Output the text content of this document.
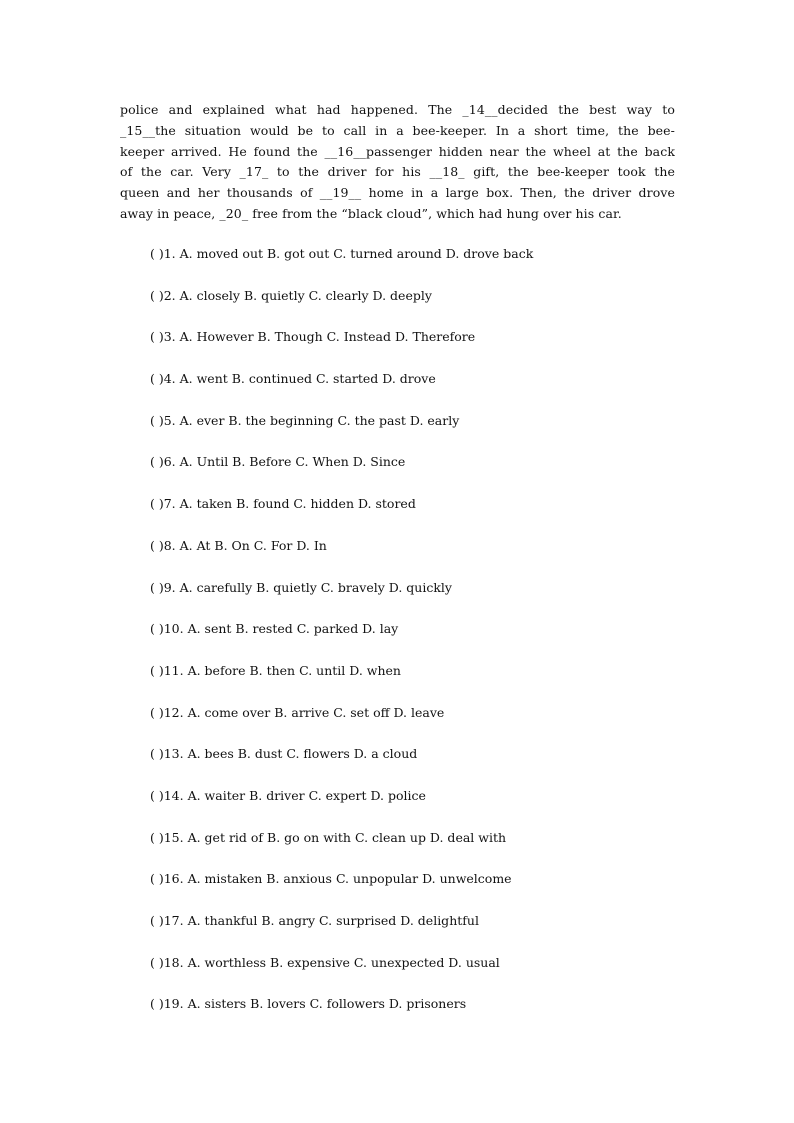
police and explained what had happened. The _14__decided the best way to
_15__the situation would be to call in a bee-keeper. In a short time, the bee-
keeper arrived. He found the __16__passenger hidden near the wheel at the back
of the car. Very _17_ to the driver for his __18_ gift, the bee-keeper took the
queen and her thousands of __19__ home in a large box. Then, the driver drove
away in peace, _20_ free from the “black cloud”, which had hung over his car.
( )1. A. moved out B. got out C. turned around D. drove back
( )2. A. closely B. quietly C. clearly D. deeply
( )3. A. However B. Though C. Instead D. Therefore
( )4. A. went B. continued C. started D. drove
( )5. A. ever B. the beginning C. the past D. early
( )6. A. Until B. Before C. When D. Since
( )7. A. taken B. found C. hidden D. stored
( )8. A. At B. On C. For D. In
( )9. A. carefully B. quietly C. bravely D. quickly
( )10. A. sent B. rested C. parked D. lay
( )11. A. before B. then C. until D. when
( )12. A. come over B. arrive C. set off D. leave
( )13. A. bees B. dust C. flowers D. a cloud
( )14. A. waiter B. driver C. expert D. police
( )15. A. get rid of B. go on with C. clean up D. deal with
( )16. A. mistaken B. anxious C. unpopular D. unwelcome
( )17. A. thankful B. angry C. surprised D. delightful
( )18. A. worthless B. expensive C. unexpected D. usual
( )19. A. sisters B. lovers C. followers D. prisoners
